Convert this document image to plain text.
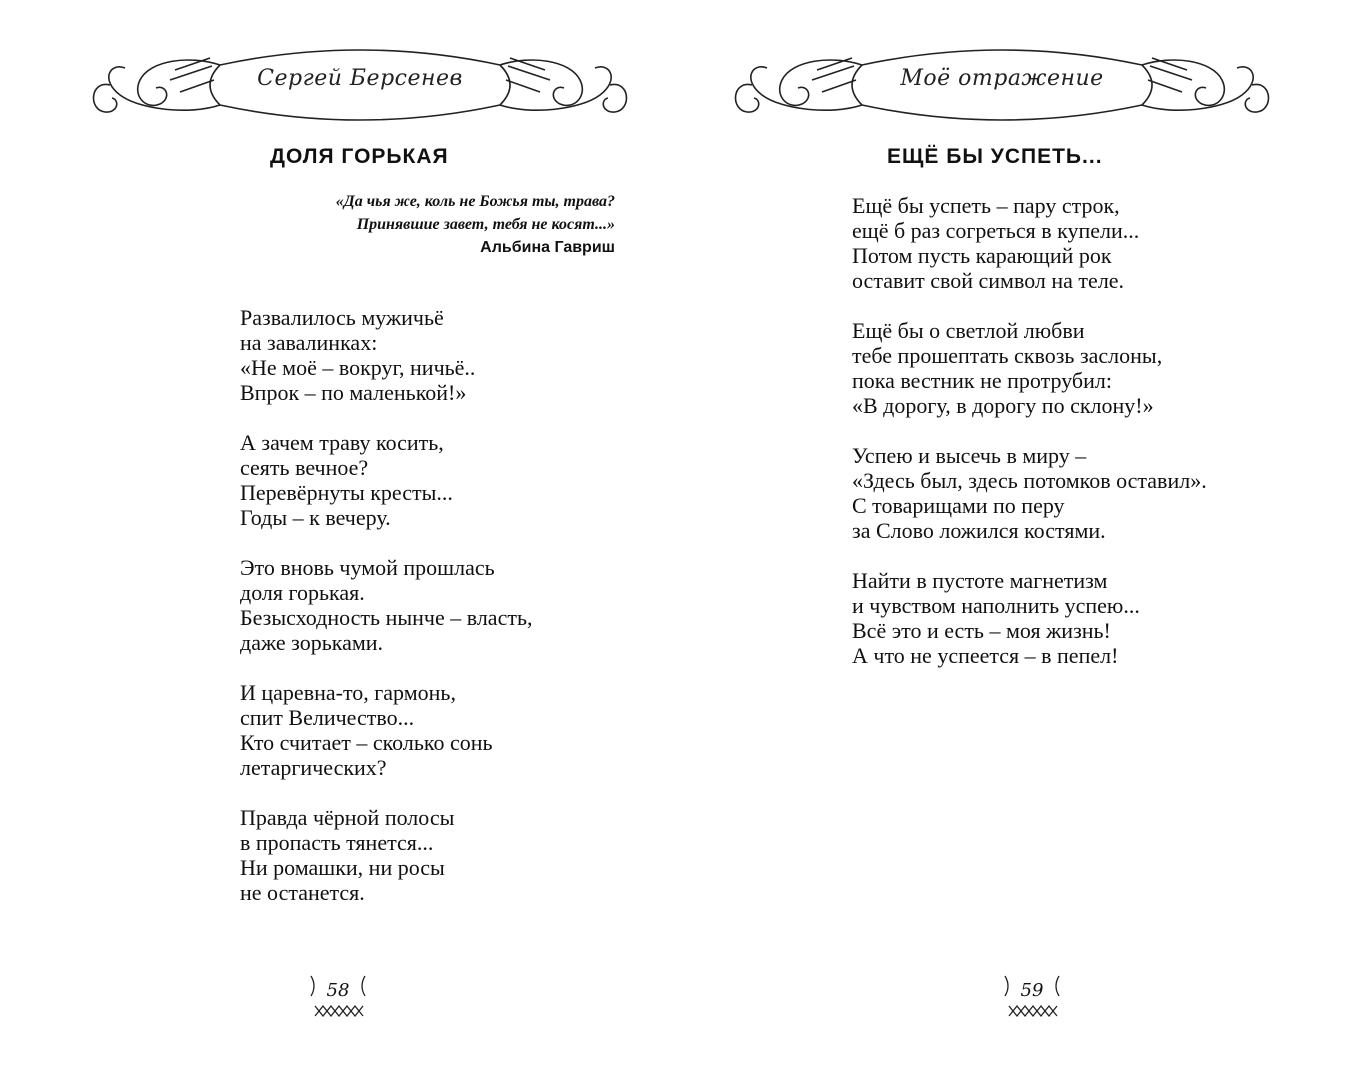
Сергей Берсенев
ДОЛЯ ГОРЬКАЯ
«Да чья же, коль не Божья ты, трава?
Принявшие завет, тебя не косят...»
Альбина Гавриш
Развалилось мужичьё
на завалинках:
«Не моё – вокруг, ничьё..
Впрок – по маленькой!»
А зачем траву косить,
сеять вечное?
Перевёрнуты кресты...
Годы – к вечеру.
Это вновь чумой прошлась
доля горькая.
Безысходность нынче – власть,
даже зорьками.
И царевна-то, гармонь,
спит Величество...
Кто считает – сколько сонь
летаргических?
Правда чёрной полосы
в пропасть тянется...
Ни ромашки, ни росы
не останется.
58
Моё отражение
ЕЩЁ БЫ УСПЕТЬ...
Ещё бы успеть – пару строк,
ещё б раз согреться в купели...
Потом пусть карающий рок
оставит свой символ на теле.
Ещё бы о светлой любви
тебе прошептать сквозь заслоны,
пока вестник не протрубил:
«В дорогу, в дорогу по склону!»
Успею и высечь в миру –
«Здесь был, здесь потомков оставил».
С товарищами по перу
за Слово ложился костями.
Найти в пустоте магнетизм
и чувством наполнить успею...
Всё это и есть – моя жизнь!
А что не успеется – в пепел!
59
